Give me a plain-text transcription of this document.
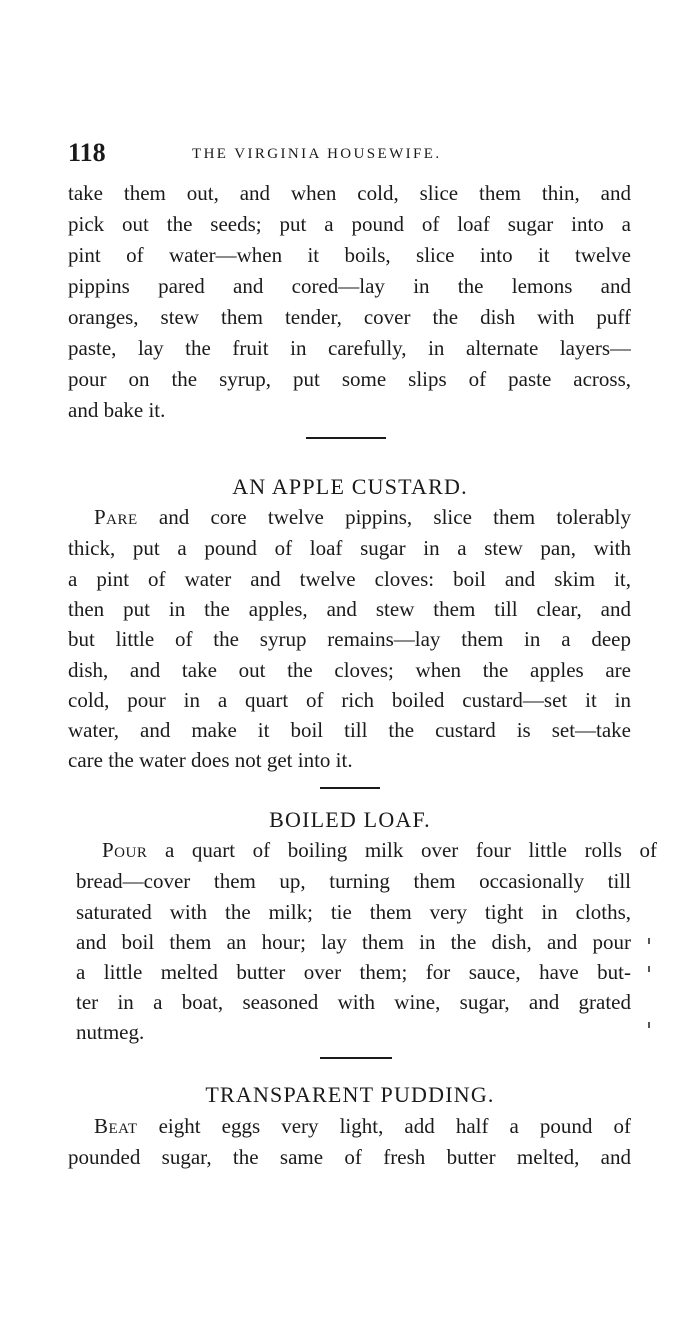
118	THE VIRGINIA HOUSEWIFE.
take them out, and when cold, slice them thin, and
pick out the seeds; put a pound of loaf sugar into a
pint of water—when it boils, slice into it twelve
pippins pared and cored—lay in the lemons and
oranges, stew them tender, cover the dish with puff
paste, lay the fruit in carefully, in alternate layers—
pour on the syrup, put some slips of paste across,
and bake it.
AN APPLE CUSTARD.
Pare and core twelve pippins, slice them tolerably
thick, put a pound of loaf sugar in a stew pan, with
a pint of water and twelve cloves: boil and skim it,
then put in the apples, and stew them till clear, and
but little of the syrup remains—lay them in a deep
dish, and take out the cloves; when the apples are
cold, pour in a quart of rich boiled custard—set it in
water, and make it boil till the custard is set—take
care the water does not get into it.
BOILED LOAF.
Pour a quart of boiling milk over four little rolls of
bread—cover them up, turning them occasionally till
saturated with the milk; tie them very tight in cloths,
and boil them an hour; lay them in the dish, and pour
a little melted butter over them; for sauce, have but-
ter in a boat, seasoned with wine, sugar, and grated
nutmeg.
TRANSPARENT PUDDING.
Beat eight eggs very light, add half a pound of
pounded sugar, the same of fresh butter melted, and
